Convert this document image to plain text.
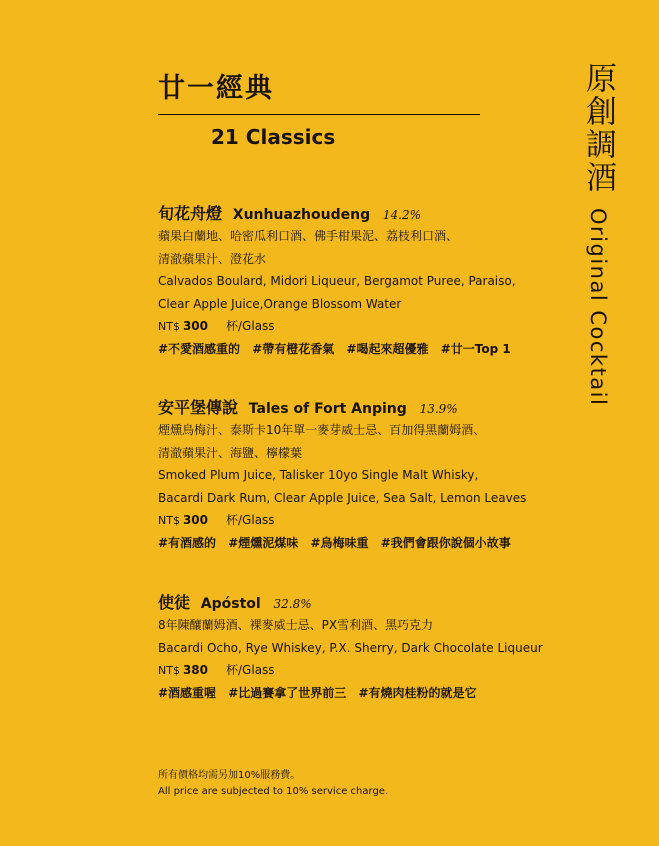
原創調酒
Original Cocktail
廿一經典
21 Classics
旬花舟燈 Xunhuazhoudeng 14.2%
蘋果白蘭地、哈密瓜利口酒、佛手柑果泥、荔枝利口酒、
清澈蘋果汁、澄花水
Calvados Boulard, Midori Liqueur, Bergamot Puree, Paraiso,
Clear Apple Juice,Orange Blossom Water
NT$ 300 杯/Glass
#不愛酒感重的 #帶有橙花香氣 #喝起來超優雅 #廿一Top 1
安平堡傳說 Tales of Fort Anping 13.9%
煙燻烏梅汁、泰斯卡10年單一麥芽威士忌、百加得黑蘭姆酒、
清澈蘋果汁、海鹽、檸檬葉
Smoked Plum Juice, Talisker 10yo Single Malt Whisky,
Bacardi Dark Rum, Clear Apple Juice, Sea Salt, Lemon Leaves
NT$ 300 杯/Glass
#有酒感的 #煙燻泥煤味 #烏梅味重 #我們會跟你說個小故事
使徒 Apóstol 32.8%
8年陳釀蘭姆酒、裸麥威士忌、PX雪利酒、黑巧克力
Bacardi Ocho, Rye Whiskey, P.X. Sherry, Dark Chocolate Liqueur
NT$ 380 杯/Glass
#酒感重喔 #比過賽拿了世界前三 #有燒肉桂粉的就是它
所有價格均需另加10%服務費。
All price are subjected to 10% service charge.
